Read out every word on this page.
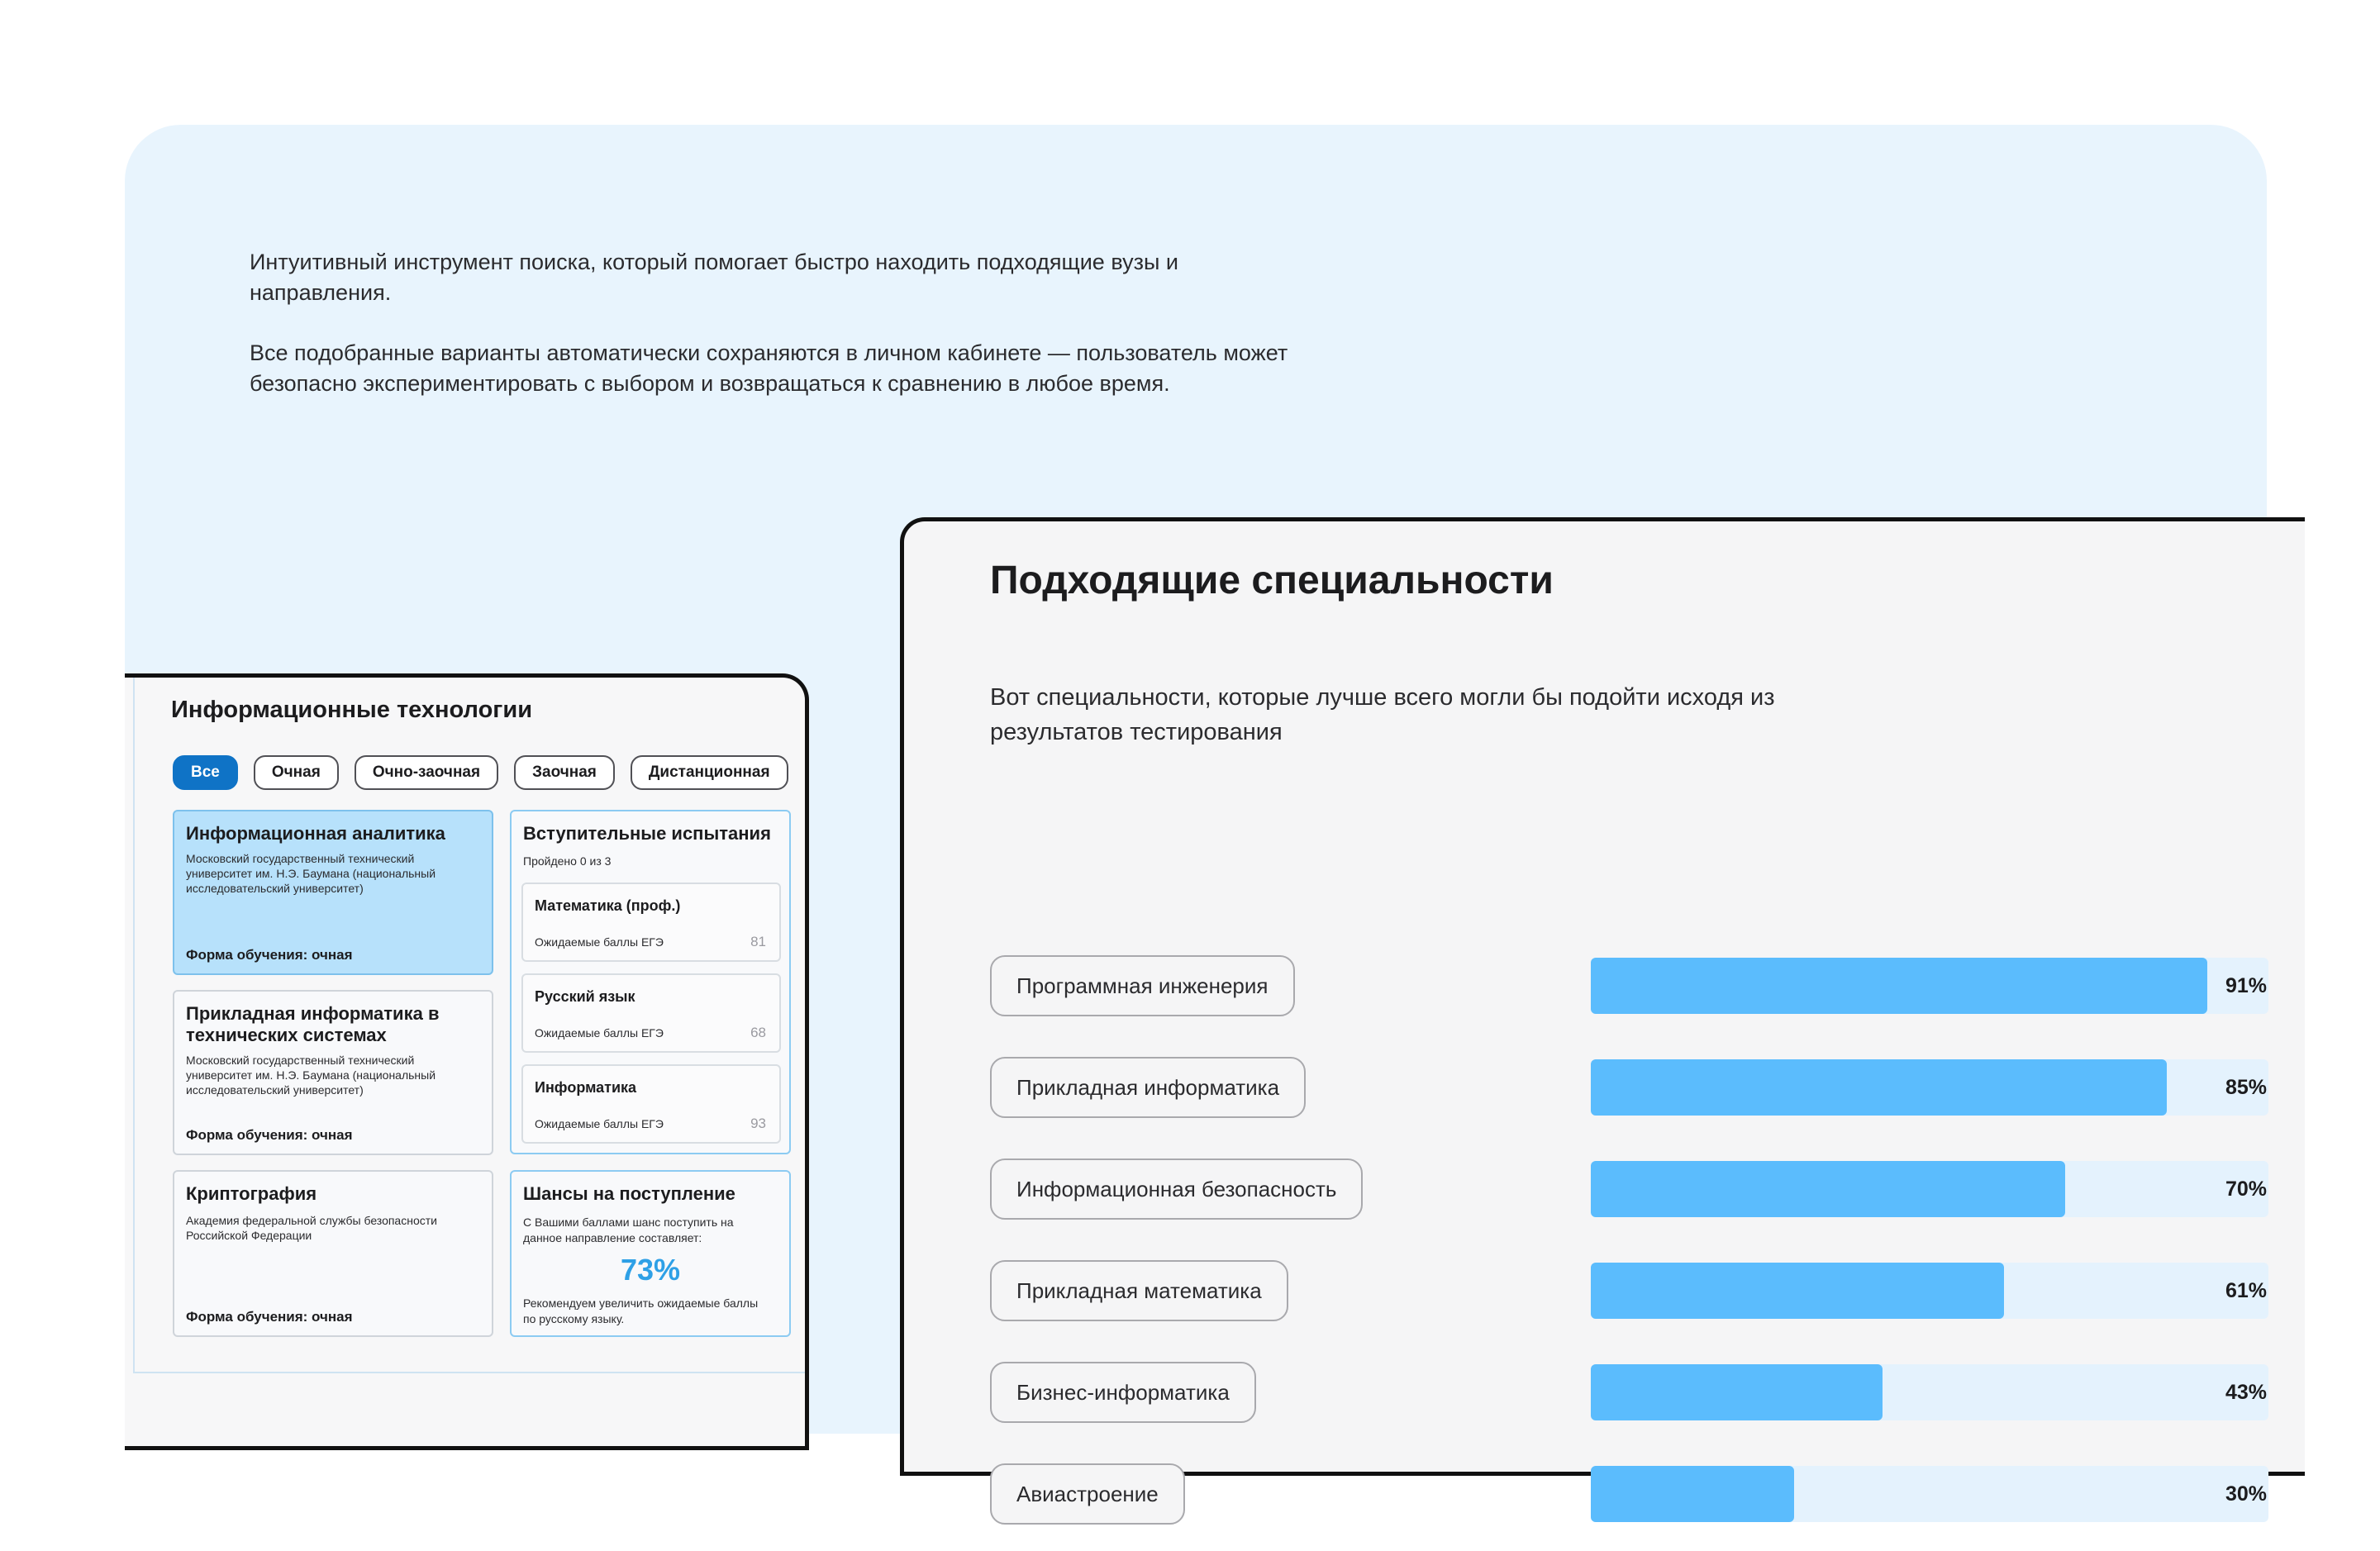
Интуитивный инструмент поиска, который помогает быстро находить подходящие вузы и направления.
Все подобранные варианты автоматически сохраняются в личном кабинете — пользователь может безопасно экспериментировать с выбором и возвращаться к сравнению в любое время.
Информационные технологии
Все	Очная	Очно-заочная	Заочная	Дистанционная
Информационная аналитика
Московский государственный технический университет им. Н.Э. Баумана (национальный исследовательский университет)
Форма обучения: очная
Прикладная информатика в технических системах
Московский государственный технический университет им. Н.Э. Баумана (национальный исследовательский университет)
Форма обучения: очная
Криптография
Академия федеральной службы безопасности Российской Федерации
Форма обучения: очная
Вступительные испытания
Пройдено 0 из 3
Математика (проф.)
Ожидаемые баллы ЕГЭ	81
Русский язык
Ожидаемые баллы ЕГЭ	68
Информатика
Ожидаемые баллы ЕГЭ	93
Шансы на поступление
С Вашими баллами шанс поступить на данное направление составляет:
73%
Рекомендуем увеличить ожидаемые баллы по русскому языку.
Подходящие специальности
Вот специальности, которые лучше всего могли бы подойти исходя из результатов тестирования
Программная инженерия	91%
Прикладная информатика	85%
Информационная безопасность	70%
Прикладная математика	61%
Бизнес-информатика	43%
Авиастроение	30%
